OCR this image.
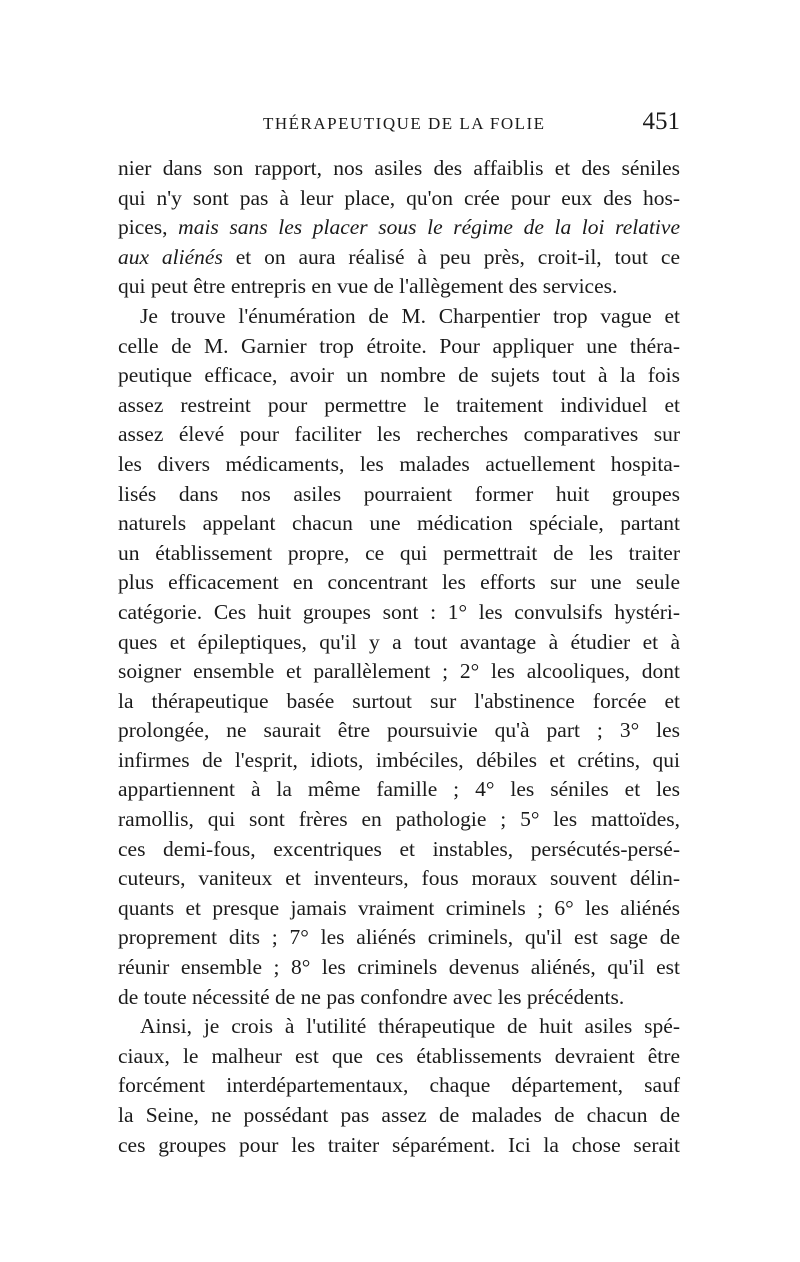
THÉRAPEUTIQUE DE LA FOLIE	451
nier dans son rapport, nos asiles des affaiblis et des séniles
qui n'y sont pas à leur place, qu'on crée pour eux des hos-
pices, mais sans les placer sous le régime de la loi relative
aux aliénés et on aura réalisé à peu près, croit-il, tout ce
qui peut être entrepris en vue de l'allègement des services.
Je trouve l'énumération de M. Charpentier trop vague et
celle de M. Garnier trop étroite. Pour appliquer une théra-
peutique efficace, avoir un nombre de sujets tout à la fois
assez restreint pour permettre le traitement individuel et
assez élevé pour faciliter les recherches comparatives sur
les divers médicaments, les malades actuellement hospita-
lisés dans nos asiles pourraient former huit groupes
naturels appelant chacun une médication spéciale, partant
un établissement propre, ce qui permettrait de les traiter
plus efficacement en concentrant les efforts sur une seule
catégorie. Ces huit groupes sont : 1° les convulsifs hystéri-
ques et épileptiques, qu'il y a tout avantage à étudier et à
soigner ensemble et parallèlement ; 2° les alcooliques, dont
la thérapeutique basée surtout sur l'abstinence forcée et
prolongée, ne saurait être poursuivie qu'à part ; 3° les
infirmes de l'esprit, idiots, imbéciles, débiles et crétins, qui
appartiennent à la même famille ; 4° les séniles et les
ramollis, qui sont frères en pathologie ; 5° les mattoïdes,
ces demi-fous, excentriques et instables, persécutés-persé-
cuteurs, vaniteux et inventeurs, fous moraux souvent délin-
quants et presque jamais vraiment criminels ; 6° les aliénés
proprement dits ; 7° les aliénés criminels, qu'il est sage de
réunir ensemble ; 8° les criminels devenus aliénés, qu'il est
de toute nécessité de ne pas confondre avec les précédents.
Ainsi, je crois à l'utilité thérapeutique de huit asiles spé-
ciaux, le malheur est que ces établissements devraient être
forcément interdépartementaux, chaque département, sauf
la Seine, ne possédant pas assez de malades de chacun de
ces groupes pour les traiter séparément. Ici la chose serait
